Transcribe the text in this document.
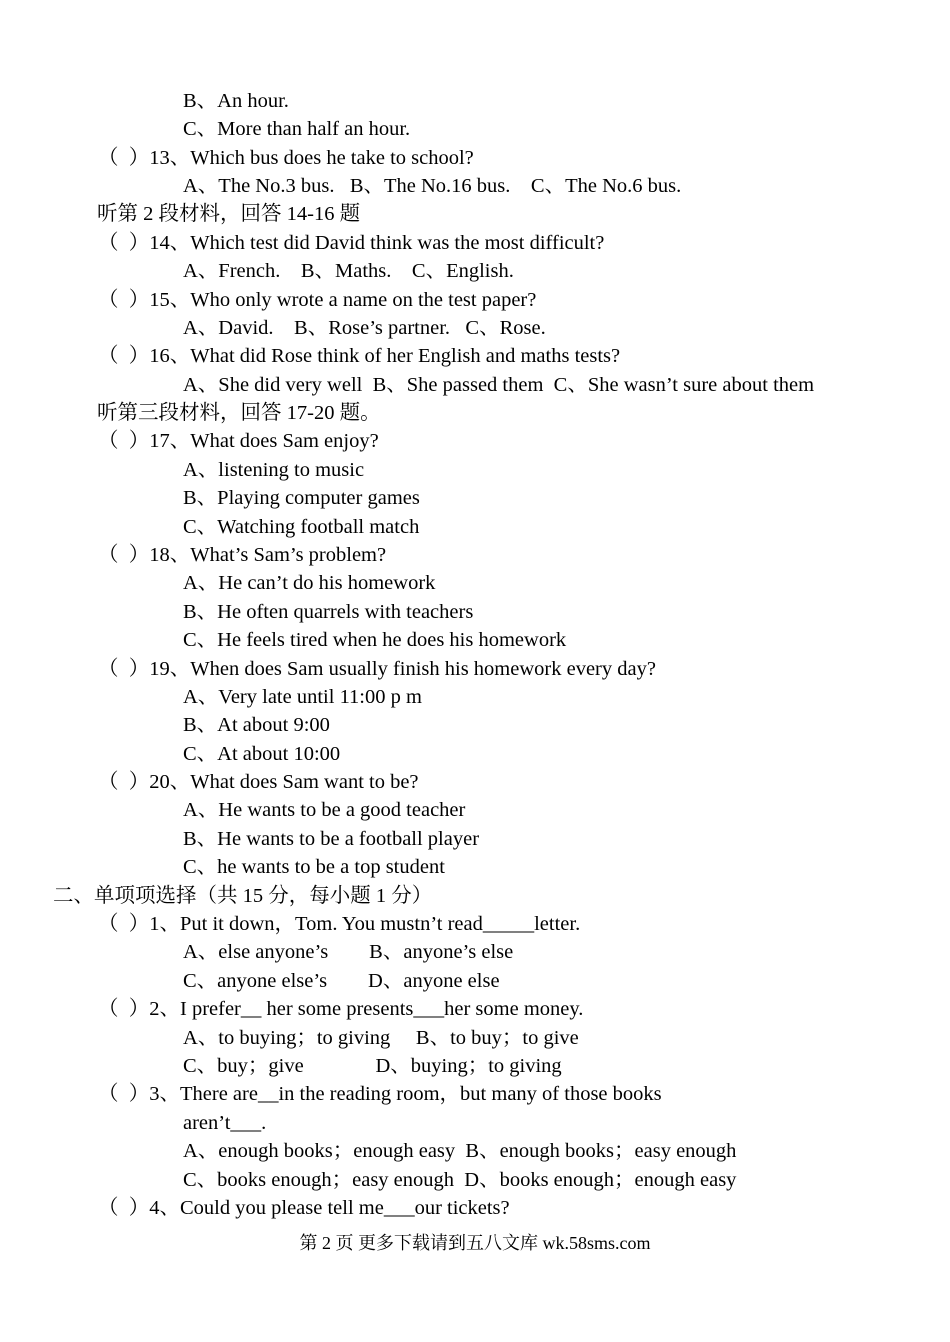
B、An hour.
C、More than half an hour.
（  ）13、Which bus does he take to school?
A、The No.3 bus.   B、The No.16 bus.    C、The No.6 bus.
听第 2 段材料，回答 14-16 题
（  ）14、Which test did David think was the most difficult?
A、French.    B、Maths.    C、English.
（  ）15、Who only wrote a name on the test paper?
A、David.    B、Rose’s partner.   C、Rose.
（  ）16、What did Rose think of her English and maths tests?
A、She did very well  B、She passed them  C、She wasn’t sure about them
听第三段材料，回答 17-20 题。
（  ）17、What does Sam enjoy?
A、listening to music
B、Playing computer games
C、Watching football match
（  ）18、What’s Sam’s problem?
A、He can’t do his homework
B、He often quarrels with teachers
C、He feels tired when he does his homework
（  ）19、When does Sam usually finish his homework every day?
A、Very late until 11:00 p m
B、At about 9:00
C、At about 10:00
（  ）20、What does Sam want to be?
A、He wants to be a good teacher
B、He wants to be a football player
C、he wants to be a top student
二、单项项选择（共 15 分，每小题 1 分）
（  ）1、Put it down，Tom. You mustn’t read_____letter.
A、else anyone’s        B、anyone’s else
C、anyone else’s        D、anyone else
（  ）2、I prefer__ her some presents___her some money.
A、to buying；to giving     B、to buy；to give
C、buy；give              D、buying；to giving
（  ）3、There are__in the reading room，but many of those books
aren’t___.
A、enough books；enough easy  B、enough books；easy enough
C、books enough；easy enough  D、books enough；enough easy
（  ）4、Could you please tell me___our tickets?
第 2 页 更多下载请到五八文库 wk.58sms.com
